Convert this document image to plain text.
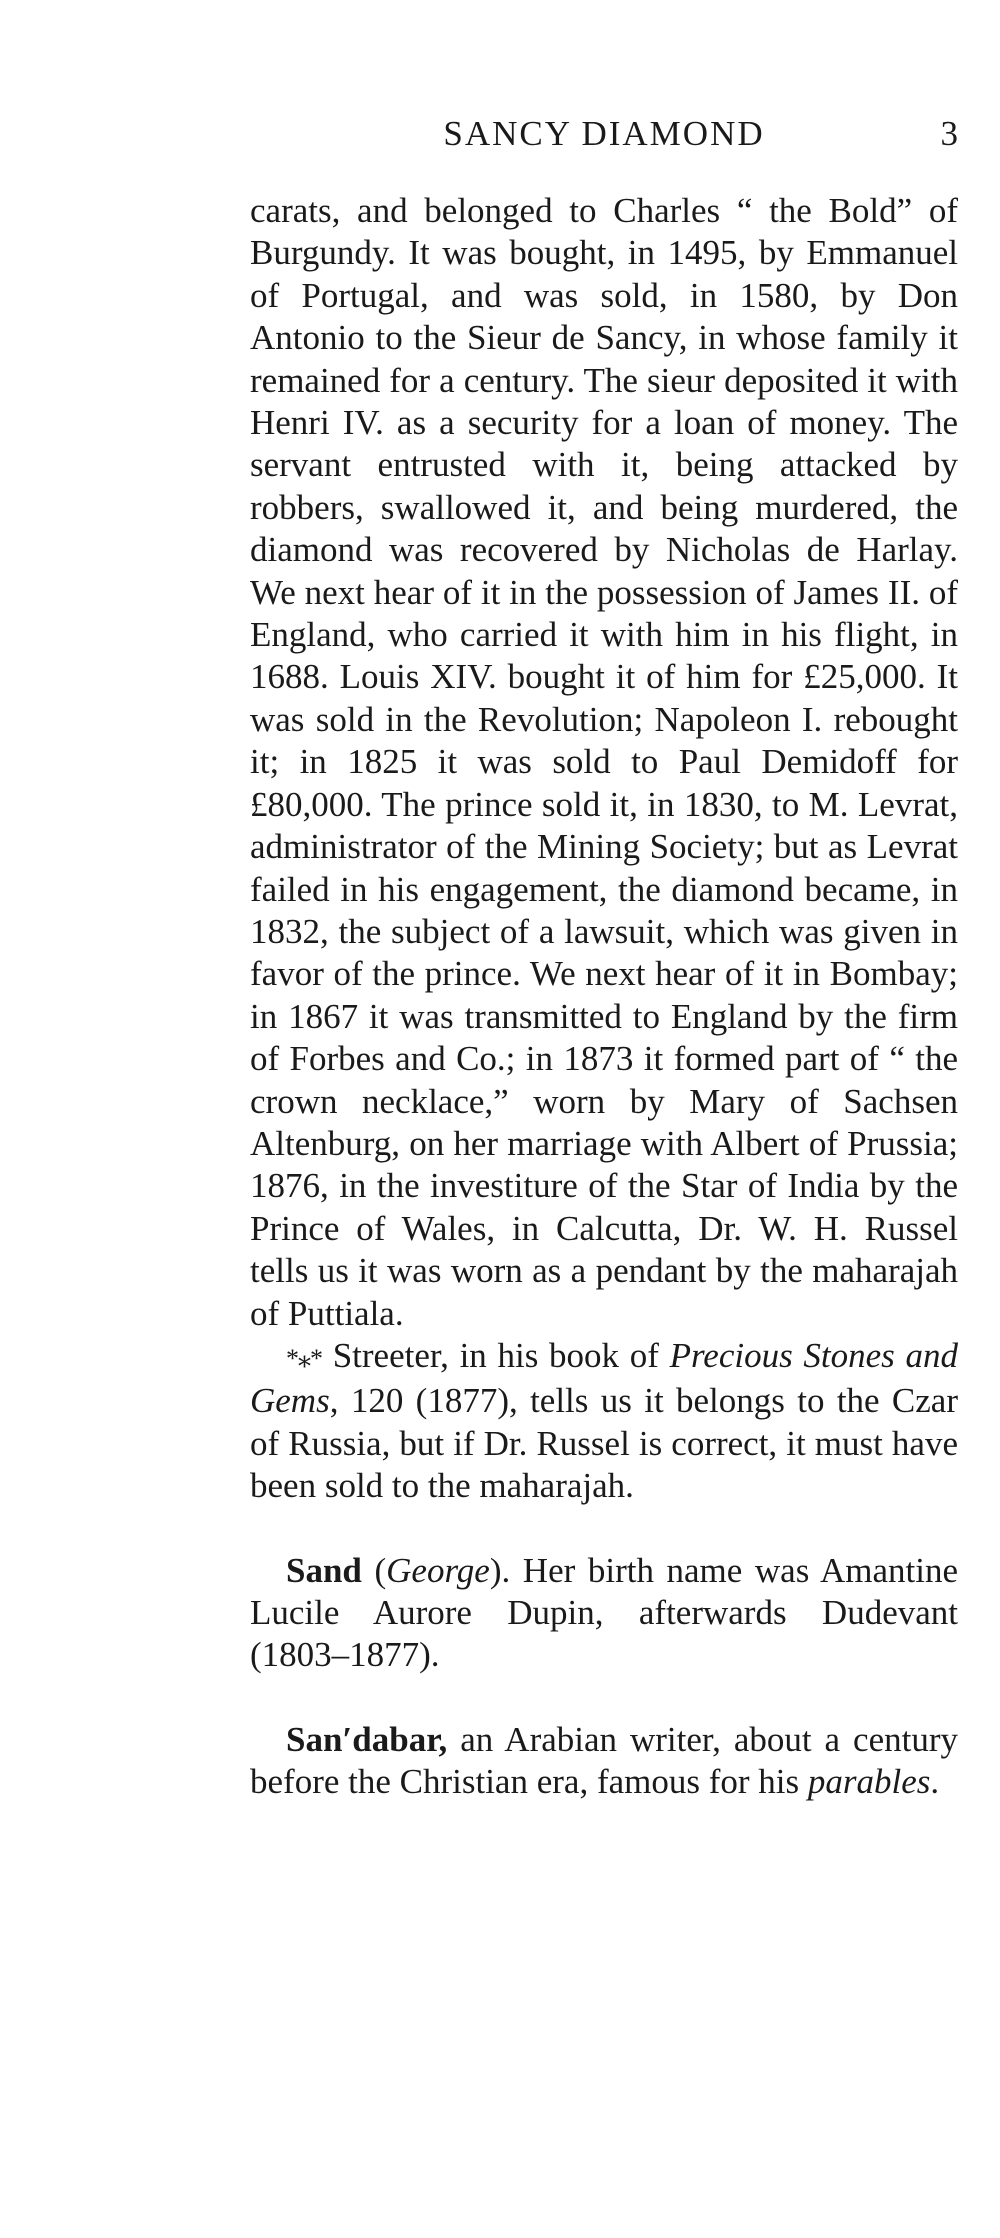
SANCY DIAMOND	3

carats, and belonged to Charles “ the Bold” of Burgundy. It was bought, in 1495, by Emmanuel of Portugal, and was sold, in 1580, by Don Antonio to the Sieur de Sancy, in whose family it remained for a century. The sieur deposited it with Henri IV. as a security for a loan of money. The servant entrusted with it, being attacked by robbers, swallowed it, and being murdered, the diamond was recovered by Nicholas de Harlay. We next hear of it in the possession of James II. of England, who carried it with him in his flight, in 1688. Louis XIV. bought it of him for £25,000. It was sold in the Revolution; Napoleon I. rebought it; in 1825 it was sold to Paul Demidoff for £80,000. The prince sold it, in 1830, to M. Levrat, administrator of the Mining Society; but as Levrat failed in his engagement, the diamond became, in 1832, the subject of a lawsuit, which was given in favor of the prince. We next hear of it in Bombay; in 1867 it was transmitted to England by the firm of Forbes and Co.; in 1873 it formed part of “ the crown necklace,” worn by Mary of Sachsen Altenburg, on her marriage with Albert of Prussia; 1876, in the investiture of the Star of India by the Prince of Wales, in Calcutta, Dr. W. H. Russel tells us it was worn as a pendant by the maharajah of Puttiala.

*⁎* Streeter, in his book of Precious Stones and Gems, 120 (1877), tells us it belongs to the Czar of Russia, but if Dr. Russel is correct, it must have been sold to the maharajah.

Sand (George). Her birth name was Amantine Lucile Aurore Dupin, afterwards Dudevant (1803–1877).

San′dabar, an Arabian writer, about a century before the Christian era, famous for his parables.
